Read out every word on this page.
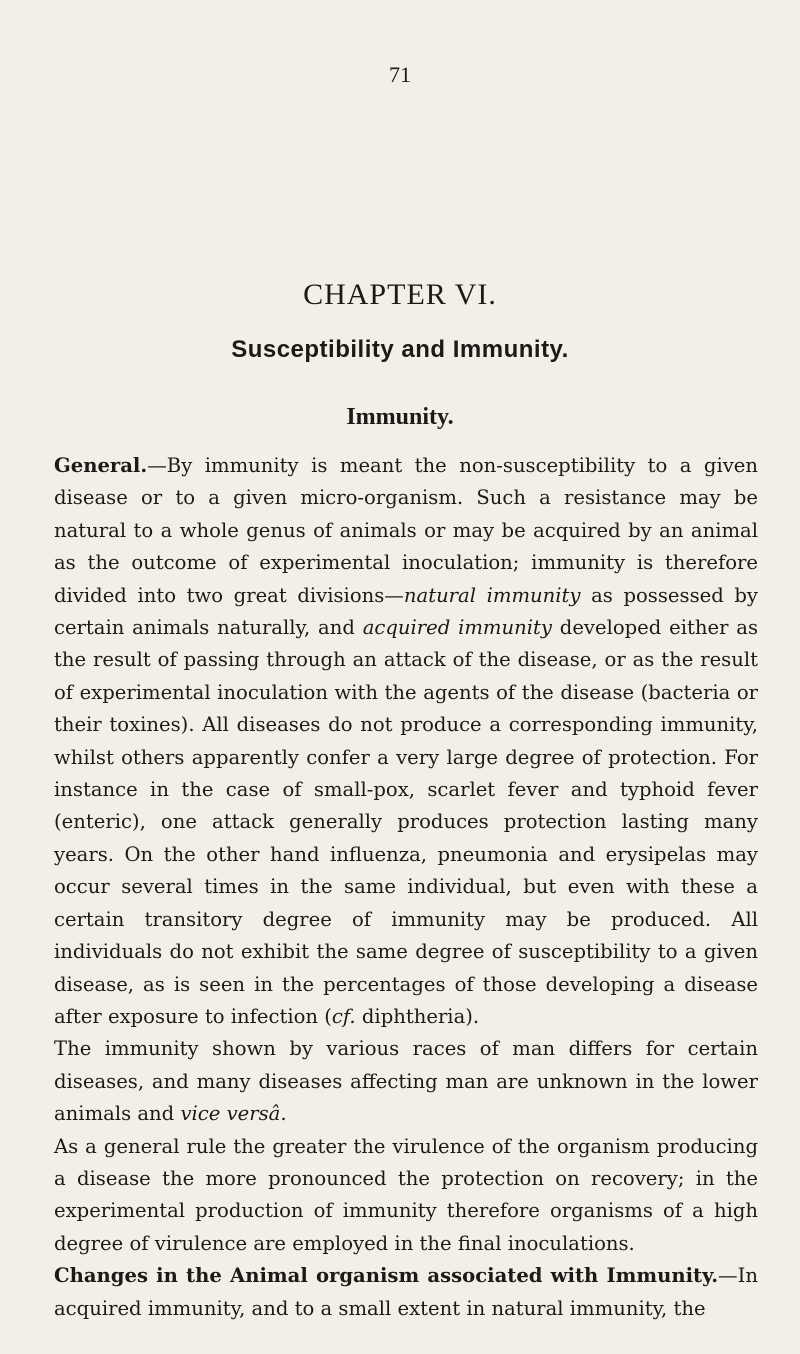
71
CHAPTER VI.
Susceptibility and Immunity.
Immunity.

General.—By immunity is meant the non-susceptibility to a given disease or to a given micro-organism. Such a resistance may be natural to a whole genus of animals or may be acquired by an animal as the outcome of experimental inoculation; immunity is therefore divided into two great divisions—natural immunity as possessed by certain animals naturally, and acquired immunity developed either as the result of passing through an attack of the disease, or as the result of experimental inoculation with the agents of the disease (bacteria or their toxines). All diseases do not produce a corresponding immunity, whilst others apparently confer a very large degree of protection. For instance in the case of small-pox, scarlet fever and typhoid fever (enteric), one attack generally produces protection lasting many years. On the other hand influenza, pneumonia and erysipelas may occur several times in the same individual, but even with these a certain transitory degree of immunity may be produced. All individuals do not exhibit the same degree of susceptibility to a given disease, as is seen in the percentages of those developing a disease after exposure to infection (cf. diphtheria).

The immunity shown by various races of man differs for certain diseases, and many diseases affecting man are unknown in the lower animals and vice versâ.

As a general rule the greater the virulence of the organism producing a disease the more pronounced the protection on recovery; in the experimental production of immunity therefore organisms of a high degree of virulence are employed in the final inoculations.

Changes in the Animal organism associated with Immunity.—In acquired immunity, and to a small extent in natural immunity, the
